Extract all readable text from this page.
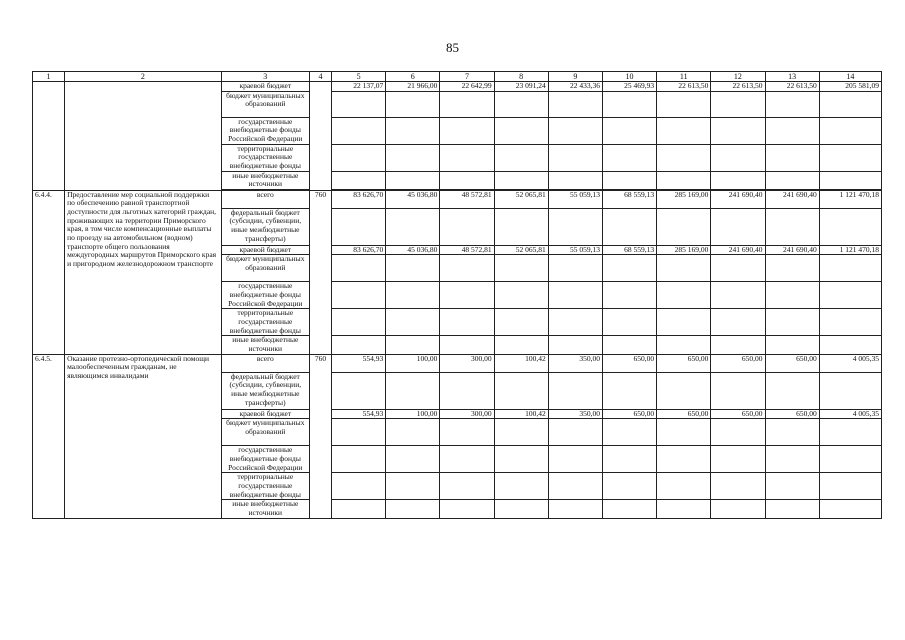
85
1	2	3	4	5	6	7	8	9	10	11	12	13	14
		краевой бюджет		22 137,07	21 966,00	22 642,99	23 091,24	22 433,36	25 469,93	22 613,50	22 613,50	22 613,50	205 581,09
		бюджет муниципальных образований											
		государственные внебюджетные фонды Российской Федерации											
		территориальные государственные внебюджетные фонды											
		иные внебюджетные источники											

6.4.4.	Предоставление мер социальной поддержки по обеспечению равной транспортной доступности для льготных категорий граждан, проживающих на территории Приморского края, в том числе компенсационные выплаты по проезду на автомобильном (водном) транспорте общего пользования междугородных маршрутов Приморского края и пригородном железнодорожном транспорте	всего	760	83 626,70	45 036,80	48 572,81	52 065,81	55 059,13	68 559,13	285 169,00	241 690,40	241 690,40	1 121 470,18
		федеральный бюджет (субсидии, субвенции, иные межбюджетные трансферты)											
		краевой бюджет		83 626,70	45 036,80	48 572,81	52 065,81	55 059,13	68 559,13	285 169,00	241 690,40	241 690,40	1 121 470,18
		бюджет муниципальных образований											
		государственные внебюджетные фонды Российской Федерации											
		территориальные государственные внебюджетные фонды											
		иные внебюджетные источники											
6.4.5.	Оказание протезно-ортопедической помощи малообеспеченным гражданам, не являющимся инвалидами	всего	760	554,93	100,00	300,00	100,42	350,00	650,00	650,00	650,00	650,00	4 005,35
		федеральный бюджет (субсидии, субвенции, иные межбюджетные трансферты)											
		краевой бюджет		554,93	100,00	300,00	100,42	350,00	650,00	650,00	650,00	650,00	4 005,35
		бюджет муниципальных образований											
		государственные внебюджетные фонды Российской Федерации											
		территориальные государственные внебюджетные фонды											
		иные внебюджетные источники											
